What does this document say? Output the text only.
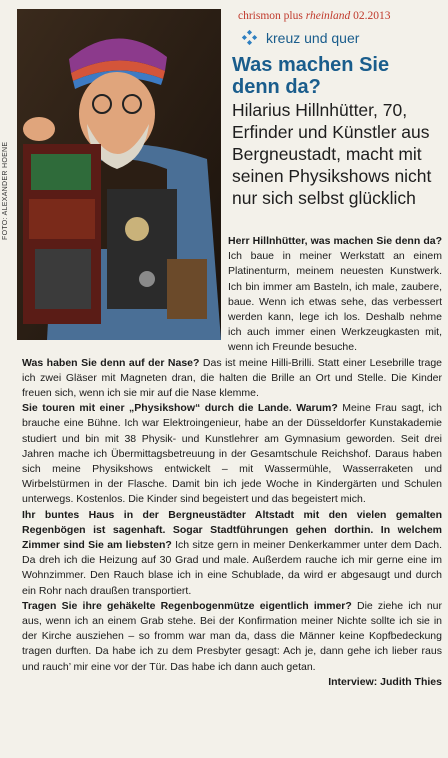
FOTO: ALEXANDER HOENE
chrismon plus rheinland 02.2013
kreuz und quer
Was machen Sie denn da?
Hilarius Hillnhütter, 70, Erfinder und Künstler aus Bergneustadt, macht mit seinen Physikshows nicht nur sich selbst glücklich

Herr Hillnhütter, was machen Sie denn da? Ich baue in meiner Werkstatt an einem Platinenturm, meinem neuesten Kunstwerk. Ich bin immer am Basteln, ich male, zaubere, baue. Wenn ich etwas sehe, das verbessert werden kann, lege ich los. Deshalb nehme ich auch immer einen Werkzeugkasten mit, wenn ich Freunde besuche.

Was haben Sie denn auf der Nase? Das ist meine Hilli-Brilli. Statt einer Lesebrille trage ich zwei Gläser mit Magneten dran, die halten die Brille an Ort und Stelle. Die Kinder freuen sich, wenn ich sie mir auf die Nase klemme.

Sie touren mit einer „Physikshow“ durch die Lande. Warum? Meine Frau sagt, ich brauche eine Bühne. Ich war Elektroingenieur, habe an der Düsseldorfer Kunstakademie studiert und bin mit 38 Physik- und Kunstlehrer am Gymnasium geworden. Seit drei Jahren mache ich Übermittagsbetreuung in der Gesamtschule Reichshof. Daraus haben sich meine Physikshows entwickelt – mit Wassermühle, Wasserraketen und Wirbelstürmen in der Flasche. Damit bin ich jede Woche in Kindergärten und Schulen unterwegs. Kostenlos. Die Kinder sind begeistert und das begeistert mich.

Ihr buntes Haus in der Bergneustädter Altstadt mit den vielen gemalten Regenbögen ist sagenhaft. Sogar Stadtführungen gehen dorthin. In welchem Zimmer sind Sie am liebsten? Ich sitze gern in meiner Denkerkammer unter dem Dach. Da dreh ich die Heizung auf 30 Grad und male. Außerdem rauche ich mir gerne eine im Wohnzimmer. Den Rauch blase ich in eine Schublade, da wird er abgesaugt und durch ein Rohr nach draußen transportiert.

Tragen Sie ihre gehäkelte Regenbogenmütze eigentlich immer? Die ziehe ich nur aus, wenn ich an einem Grab stehe. Bei der Konfirmation meiner Nichte sollte ich sie in der Kirche ausziehen – so fromm war man da, dass die Männer keine Kopfbedeckung tragen durften. Da habe ich zu dem Presbyter gesagt: Ach je, dann gehe ich lieber raus und rauch’ mir eine vor der Tür. Das habe ich dann auch getan.

Interview: Judith Thies
